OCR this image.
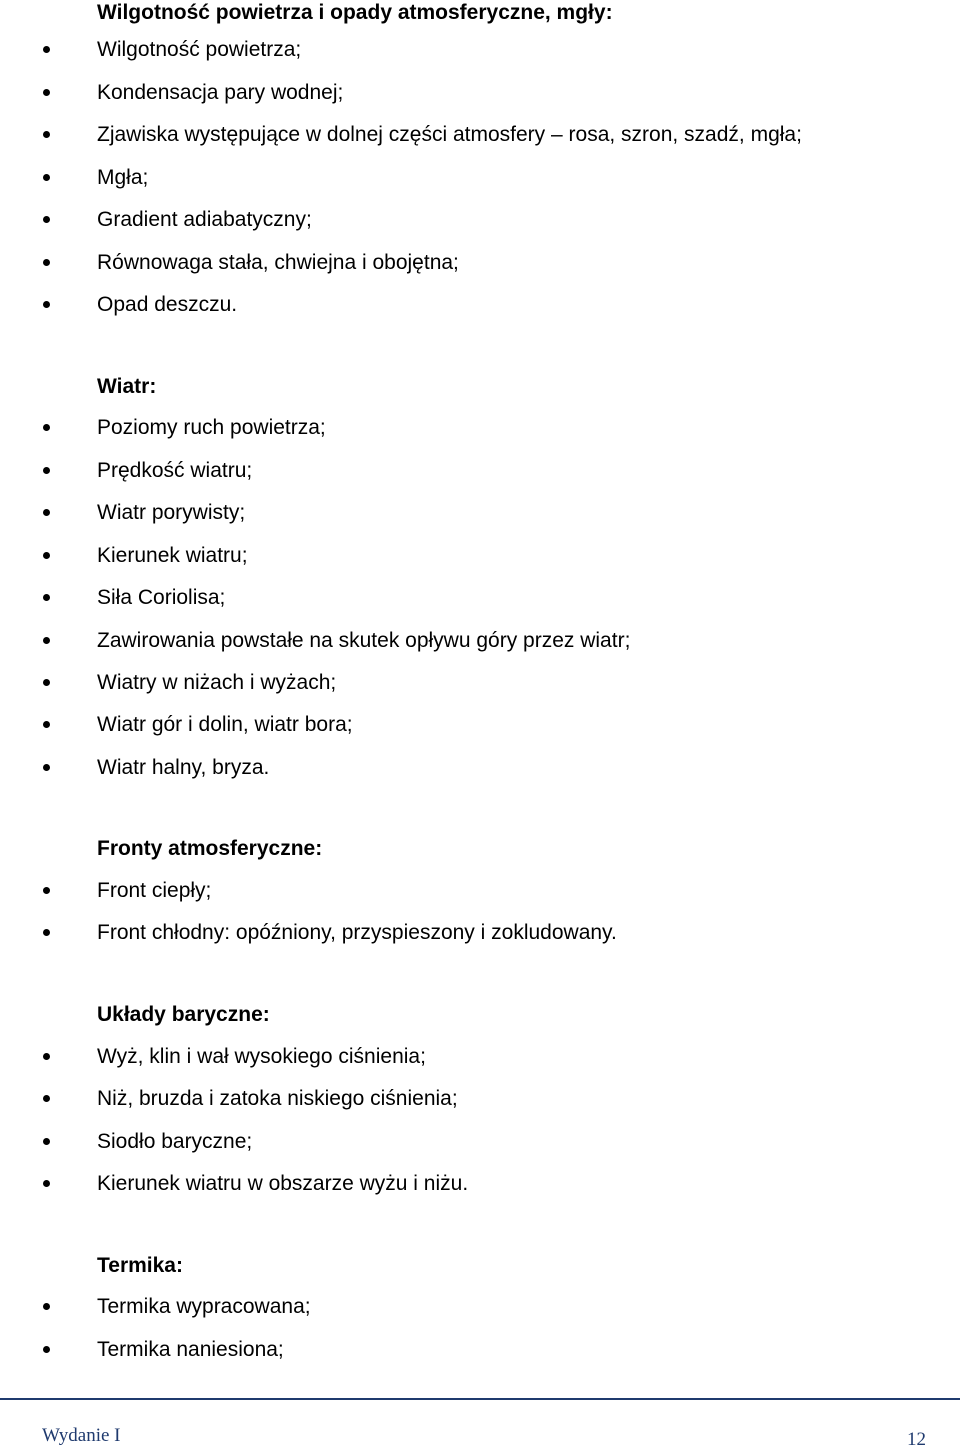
Wilgotność powietrza i opady atmosferyczne, mgły:
Wilgotność powietrza;
Kondensacja pary wodnej;
Zjawiska występujące w dolnej części atmosfery – rosa, szron, szadź, mgła;
Mgła;
Gradient adiabatyczny;
Równowaga stała, chwiejna i obojętna;
Opad deszczu.
Wiatr:
Poziomy ruch powietrza;
Prędkość wiatru;
Wiatr porywisty;
Kierunek wiatru;
Siła Coriolisa;
Zawirowania powstałe na skutek opływu góry przez wiatr;
Wiatry w niżach i wyżach;
Wiatr gór i dolin, wiatr bora;
Wiatr halny, bryza.
Fronty atmosferyczne:
Front ciepły;
Front chłodny: opóźniony, przyspieszony i zokludowany.
Układy baryczne:
Wyż, klin i wał wysokiego ciśnienia;
Niż, bruzda i zatoka niskiego ciśnienia;
Siodło baryczne;
Kierunek wiatru w obszarze wyżu i niżu.
Termika:
Termika wypracowana;
Termika naniesiona;
Wydanie I	12
